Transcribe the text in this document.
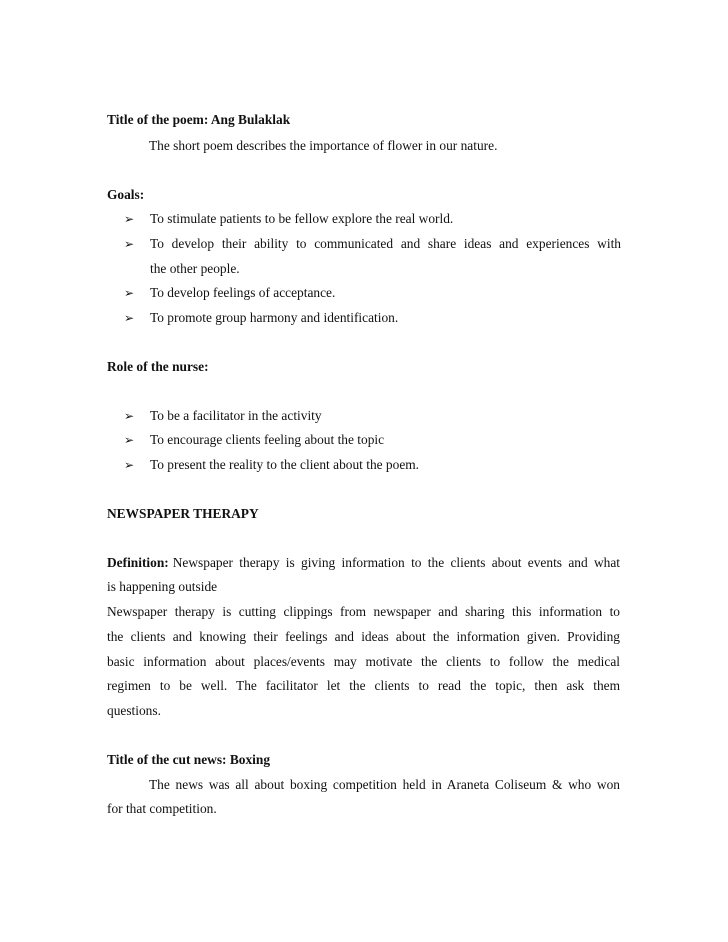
Title of the poem: Ang Bulaklak
The short poem describes the importance of flower in our nature.
Goals:
➢ To stimulate patients to be fellow explore the real world.
➢ To develop their ability to communicated and share ideas and experiences with
the other people.
➢ To develop feelings of acceptance.
➢ To promote group harmony and identification.
Role of the nurse:
➢ To be a facilitator in the activity
➢ To encourage clients feeling about the topic
➢ To present the reality to the client about the poem.
NEWSPAPER THERAPY
Definition: Newspaper therapy is giving information to the clients about events and what
is happening outside
Newspaper therapy is cutting clippings from newspaper and sharing this information to
the clients and knowing their feelings and ideas about the information given. Providing
basic information about places/events may motivate the clients to follow the medical
regimen to be well. The facilitator let the clients to read the topic, then ask them
questions.
Title of the cut news: Boxing
The news was all about boxing competition held in Araneta Coliseum & who won
for that competition.
